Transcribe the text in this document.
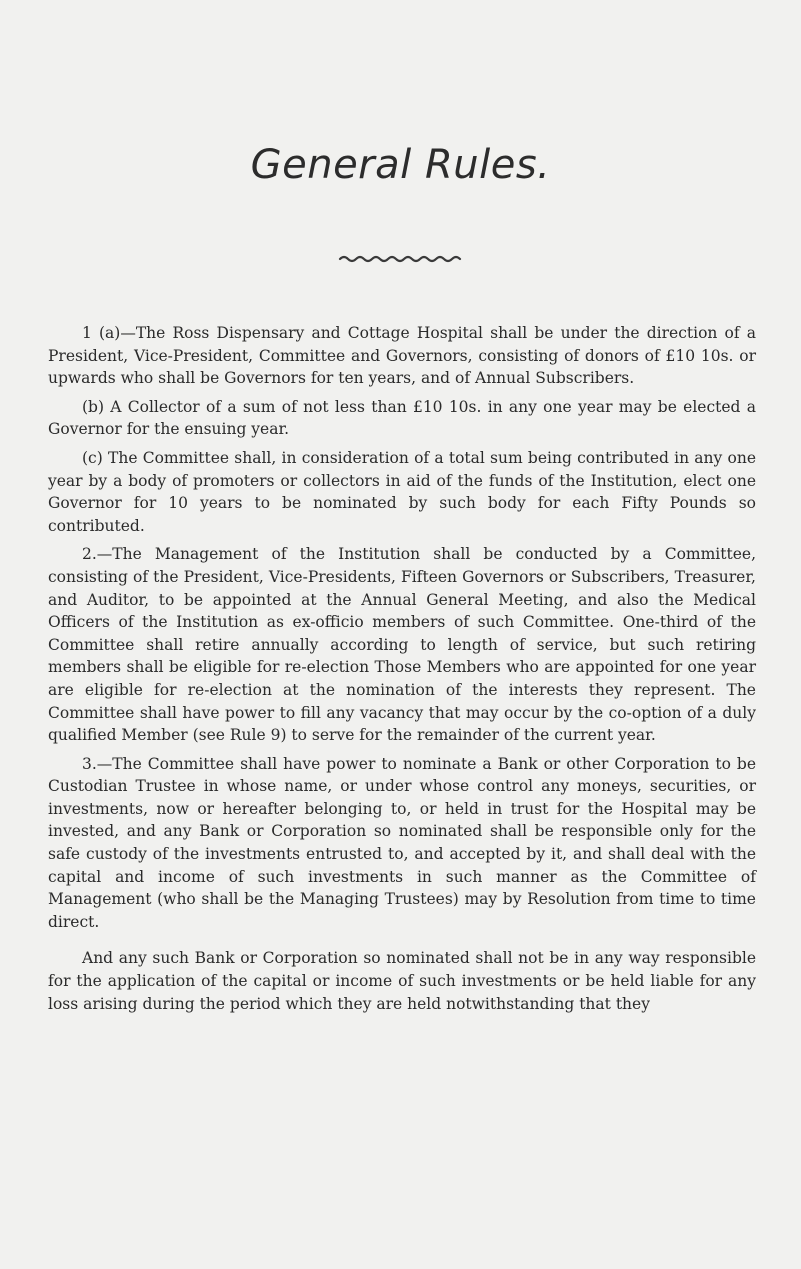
General Rules.

1 (a)—The Ross Dispensary and Cottage Hospital shall be under the direction of a President, Vice-President, Committee and Governors, consisting of donors of £10 10s. or upwards who shall be Governors for ten years, and of Annual Subscribers.

(b) A Collector of a sum of not less than £10 10s. in any one year may be elected a Governor for the ensuing year.

(c) The Committee shall, in consideration of a total sum being contributed in any one year by a body of promoters or collectors in aid of the funds of the Institution, elect one Governor for 10 years to be nominated by such body for each Fifty Pounds so contributed.

2.—The Management of the Institution shall be conducted by a Committee, consisting of the President, Vice-Presidents, Fifteen Governors or Subscribers, Treasurer, and Auditor, to be appointed at the Annual General Meeting, and also the Medical Officers of the Institution as ex-officio members of such Committee. One-third of the Committee shall retire annually according to length of service, but such retiring members shall be eligible for re-election Those Members who are appointed for one year are eligible for re-election at the nomination of the interests they represent. The Committee shall have power to fill any vacancy that may occur by the co-option of a duly qualified Member (see Rule 9) to serve for the remainder of the current year.

3.—The Committee shall have power to nominate a Bank or other Corporation to be Custodian Trustee in whose name, or under whose control any moneys, securities, or investments, now or hereafter belonging to, or held in trust for the Hospital may be invested, and any Bank or Corporation so nominated shall be responsible only for the safe custody of the investments entrusted to, and accepted by it, and shall deal with the capital and income of such investments in such manner as the Committee of Management (who shall be the Managing Trustees) may by Resolution from time to time direct.

And any such Bank or Corporation so nominated shall not be in any way responsible for the application of the capital or income of such investments or be held liable for any loss arising during the period which they are held notwithstanding that they
